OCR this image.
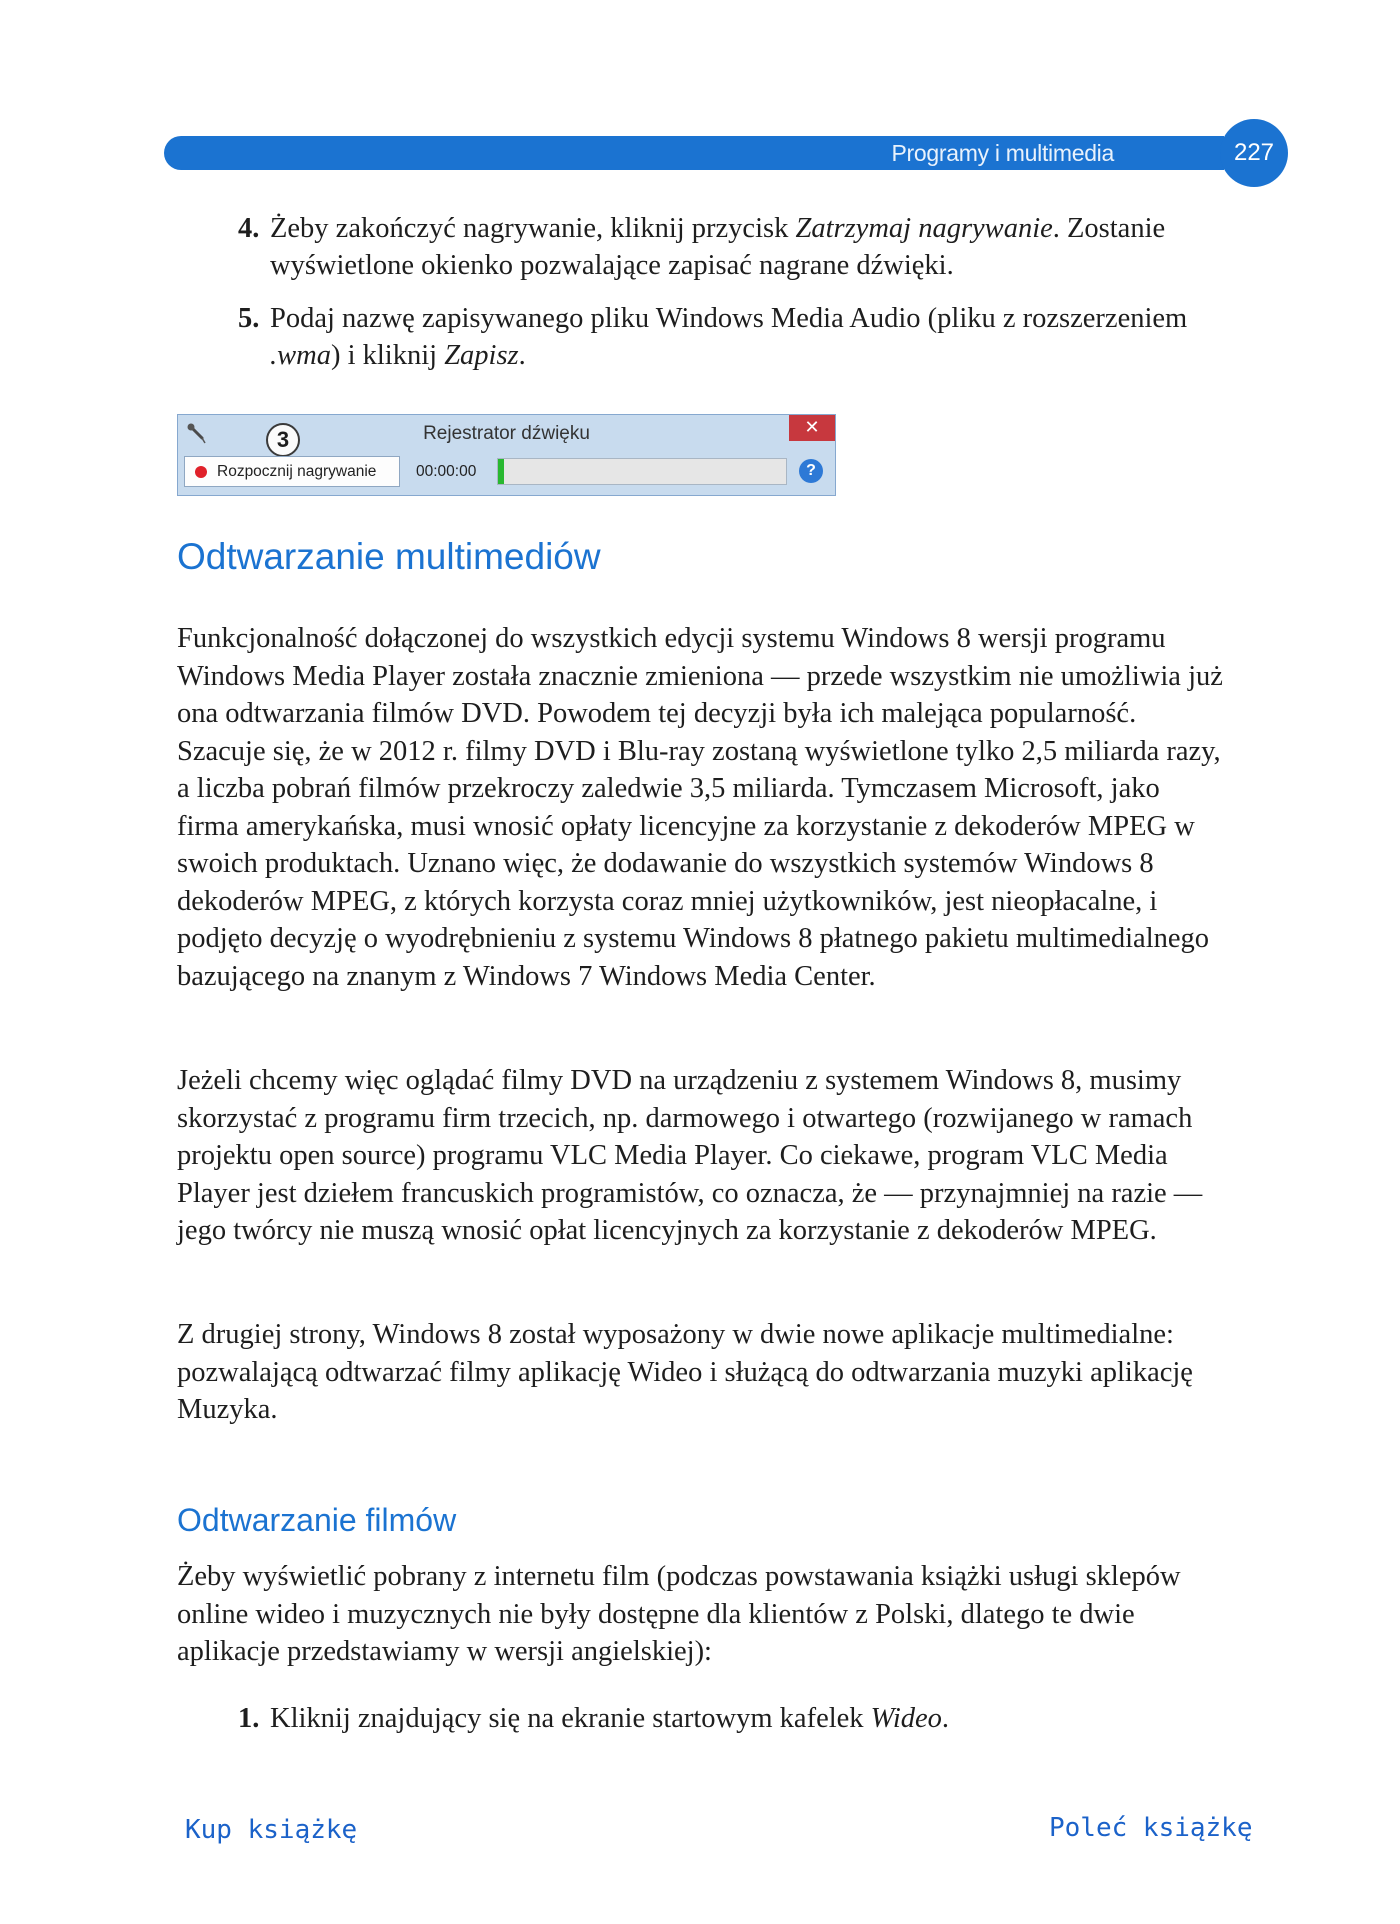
Programy i multimedia	227
4. Żeby zakończyć nagrywanie, kliknij przycisk Zatrzymaj nagrywanie. Zostanie wyświetlone okienko pozwalające zapisać nagrane dźwięki.
5. Podaj nazwę zapisywanego pliku Windows Media Audio (pliku z rozszerzeniem .wma) i kliknij Zapisz.
3	Rejestrator dźwięku	✕
Rozpocznij nagrywanie	00:00:00	?
Odtwarzanie multimediów

Funkcjonalność dołączonej do wszystkich edycji systemu Windows 8 wersji programu Windows Media Player została znacznie zmieniona — przede wszystkim nie umożliwia już ona odtwarzania filmów DVD. Powodem tej decyzji była ich malejąca popularność. Szacuje się, że w 2012 r. filmy DVD i Blu-ray zostaną wyświetlone tylko 2,5 miliarda razy, a liczba pobrań filmów przekroczy zaledwie 3,5 miliarda. Tymczasem Microsoft, jako firma amerykańska, musi wnosić opłaty licencyjne za korzystanie z dekoderów MPEG w swoich produktach. Uznano więc, że dodawanie do wszystkich systemów Windows 8 dekoderów MPEG, z których korzysta coraz mniej użytkowników, jest nieopłacalne, i podjęto decyzję o wyodrębnieniu z systemu Windows 8 płatnego pakietu multimedialnego bazującego na znanym z Windows 7 Windows Media Center.

Jeżeli chcemy więc oglądać filmy DVD na urządzeniu z systemem Windows 8, musimy skorzystać z programu firm trzecich, np. darmowego i otwartego (rozwijanego w ramach projektu open source) programu VLC Media Player. Co ciekawe, program VLC Media Player jest dziełem francuskich programistów, co oznacza, że — przynajmniej na razie — jego twórcy nie muszą wnosić opłat licencyjnych za korzystanie z dekoderów MPEG.

Z drugiej strony, Windows 8 został wyposażony w dwie nowe aplikacje multimedialne: pozwalającą odtwarzać filmy aplikację Wideo i służącą do odtwarzania muzyki aplikację Muzyka.

Odtwarzanie filmów

Żeby wyświetlić pobrany z internetu film (podczas powstawania książki usługi sklepów online wideo i muzycznych nie były dostępne dla klientów z Polski, dlatego te dwie aplikacje przedstawiamy w wersji angielskiej):

1. Kliknij znajdujący się na ekranie startowym kafelek Wideo.
Kup książkę	Poleć książkę
